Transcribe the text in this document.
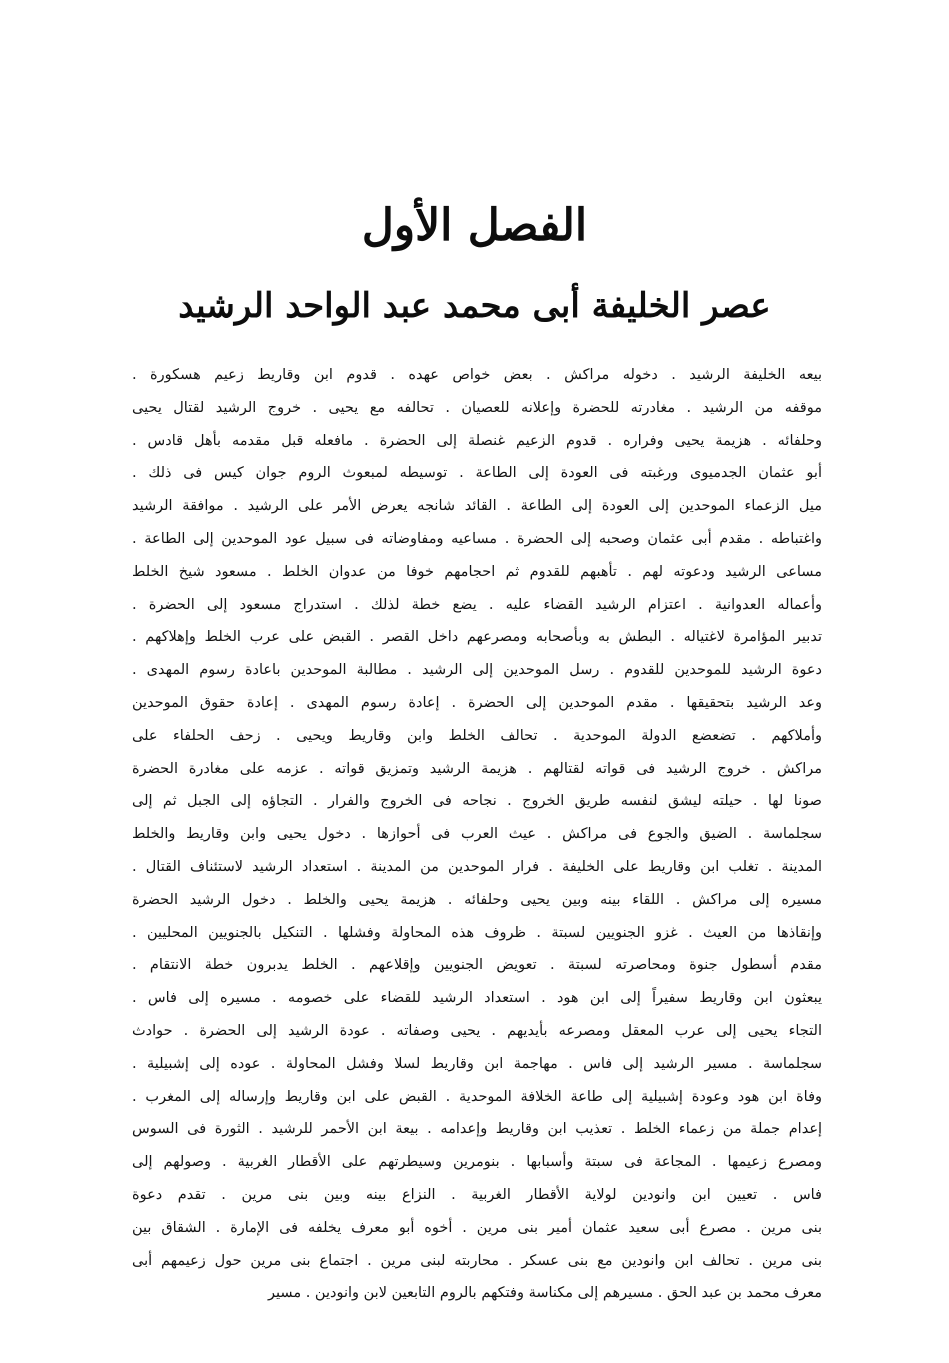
الفصل الأول
عصر الخليفة أبى محمد عبد الواحد الرشيد
بيعه الخليفة الرشيد . دخوله مراكش . بعض خواص عهده . قدوم ابن وقاريط زعيم هسكورة .
موقفه من الرشيد . مغادرته للحضرة وإعلانه للعصيان . تحالفه مع يحيى . خروج الرشيد لقتال يحيى
وحلفائه . هزيمة يحيى وفراره . قدوم الزعيم غنصلة إلى الحضرة . مافعله قبل مقدمه بأهل قادس .
أبو عثمان الجدميوى ورغبته فى العودة إلى الطاعة . توسيطه لمبعوث الروم جوان كيس فى ذلك .
ميل الزعماء الموحدين إلى العودة إلى الطاعة . القائد شانجه يعرض الأمر على الرشيد . موافقة الرشيد
واغتباطه . مقدم أبى عثمان وصحبه إلى الحضرة . مساعيه ومفاوضاته فى سبيل عود الموحدين إلى الطاعة .
مساعى الرشيد ودعوته لهم . تأهبهم للقدوم ثم احجامهم خوفا من عدوان الخلط . مسعود شيخ الخلط
وأعماله العدوانية . اعتزام الرشيد القضاء عليه . يضع خطة لذلك . استدراج مسعود إلى الحضرة .
تدبير المؤامرة لاغتياله . البطش به وبأصحابه ومصرعهم داخل القصر . القبض على عرب الخلط وإهلاكهم .
دعوة الرشيد للموحدين للقدوم . رسل الموحدين إلى الرشيد . مطالبة الموحدين باعادة رسوم المهدى .
وعد الرشيد بتحقيقها . مقدم الموحدين إلى الحضرة . إعادة رسوم المهدى . إعادة حقوق الموحدين
وأملاكهم . تضعضع الدولة الموحدية . تحالف الخلط وابن وقاريط ويحيى . زحف الحلفاء على
مراكش . خروج الرشيد فى قواته لقتالهم . هزيمة الرشيد وتمزيق قواته . عزمه على مغادرة الحضرة
صونا لها . حيلته ليشق لنفسه طريق الخروج . نجاحه فى الخروج والفرار . التجاؤه إلى الجبل ثم إلى
سجلماسة . الضيق والجوع فى مراكش . عيث العرب فى أحوازها . دخول يحيى وابن وقاريط والخلط
المدينة . تغلب ابن وقاريط على الخليفة . فرار الموحدين من المدينة . استعداد الرشيد لاستئناف القتال .
مسيره إلى مراكش . اللقاء بينه وبين يحيى وحلفائه . هزيمة يحيى والخلط . دخول الرشيد الحضرة
وإنقاذها من العيث . غزو الجنويين لسبتة . ظروف هذه المحاولة وفشلها . التنكيل بالجنويين المحليين .
مقدم أسطول جنوة ومحاصرته لسبتة . تعويض الجنويين وإقلاعهم . الخلط يدبرون خطة الانتقام .
يبعثون ابن وقاريط سفيراً إلى ابن هود . استعداد الرشيد للقضاء على خصومه . مسيره إلى فاس .
التجاء يحيى إلى عرب المعقل ومصرعه بأيديهم . يحيى وصفاته . عودة الرشيد إلى الحضرة . حوادث
سجلماسة . مسير الرشيد إلى فاس . مهاجمة ابن وقاريط لسلا وفشل المحاولة . عوده إلى إشبيلية .
وفاة ابن هود وعودة إشبيلية إلى طاعة الخلافة الموحدية . القبض على ابن وقاريط وإرساله إلى المغرب .
إعدام جملة من زعماء الخلط . تعذيب ابن وقاريط وإعدامه . بيعة ابن الأحمر للرشيد . الثورة فى السوس
ومصرع زعيمها . المجاعة فى سبتة وأسبابها . بنومرين وسيطرتهم على الأقطار الغربية . وصولهم إلى
فاس . تعيين ابن وانودين لولاية الأقطار الغربية . النزاع بينه وبين بنى مرين . تقدم دعوة
بنى مرين . مصرع أبى سعيد عثمان أمير بنى مرين . أخوه أبو معرف يخلفه فى الإمارة . الشقاق بين
بنى مرين . تحالف ابن وانودين مع بنى عسكر . محاربته لبنى مرين . اجتماع بنى مرين حول زعيمهم أبى
معرف محمد بن عبد الحق . مسيرهم إلى مكناسة وفتكهم بالروم التابعين لابن وانودين . مسير
